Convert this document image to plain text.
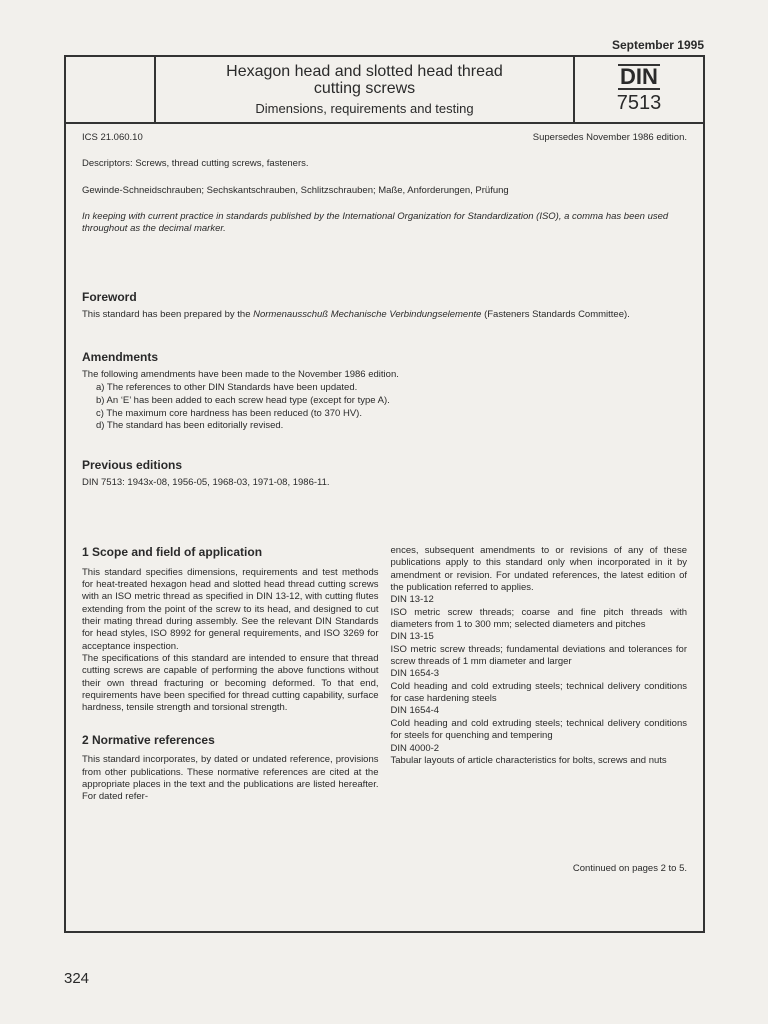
September 1995
Hexagon head and slotted head thread
cutting screws
Dimensions, requirements and testing
DIN
7513

ICS 21.060.10	Supersedes November 1986 edition.

Descriptors: Screws, thread cutting screws, fasteners.

Gewinde-Schneidschrauben; Sechskantschrauben, Schlitzschrauben; Maße, Anforderungen, Prüfung

In keeping with current practice in standards published by the International Organization for Standardization (ISO), a comma has been used throughout as the decimal marker.

Foreword

This standard has been prepared by the Normenausschuß Mechanische Verbindungselemente (Fasteners Standards Committee).

Amendments

The following amendments have been made to the November 1986 edition.

a) The references to other DIN Standards have been updated.
b) An ‘E’ has been added to each screw head type (except for type A).
c) The maximum core hardness has been reduced (to 370 HV).
d) The standard has been editorially revised.
Previous editions

DIN 7513: 1943x-08, 1956-05, 1968-03, 1971-08, 1986-11.

1 Scope and field of application

This standard specifies dimensions, requirements and test methods for heat-treated hexagon head and slotted head thread cutting screws with an ISO metric thread as specified in DIN 13-12, with cutting flutes extending from the point of the screw to its head, and designed to cut their mating thread during assembly. See the relevant DIN Standards for head styles, ISO 8992 for general requirements, and ISO 3269 for acceptance inspection.

The specifications of this standard are intended to ensure that thread cutting screws are capable of performing the above functions without their own thread fracturing or becoming deformed. To that end, requirements have been specified for thread cutting capability, surface hardness, tensile strength and torsional strength.

2 Normative references

This standard incorporates, by dated or undated reference, provisions from other publications. These normative references are cited at the appropriate places in the text and the publications are listed hereafter. For dated refer-

ences, subsequent amendments to or revisions of any of these publications apply to this standard only when incorporated in it by amendment or revision. For undated references, the latest edition of the publication referred to applies.

DIN 13-12

ISO metric screw threads; coarse and fine pitch threads with diameters from 1 to 300 mm; selected diameters and pitches

DIN 13-15

ISO metric screw threads; fundamental deviations and tolerances for screw threads of 1 mm diameter and larger

DIN 1654-3

Cold heading and cold extruding steels; technical delivery conditions for case hardening steels

DIN 1654-4

Cold heading and cold extruding steels; technical delivery conditions for steels for quenching and tempering

DIN 4000-2

Tabular layouts of article characteristics for bolts, screws and nuts

Continued on pages 2 to 5.
324
